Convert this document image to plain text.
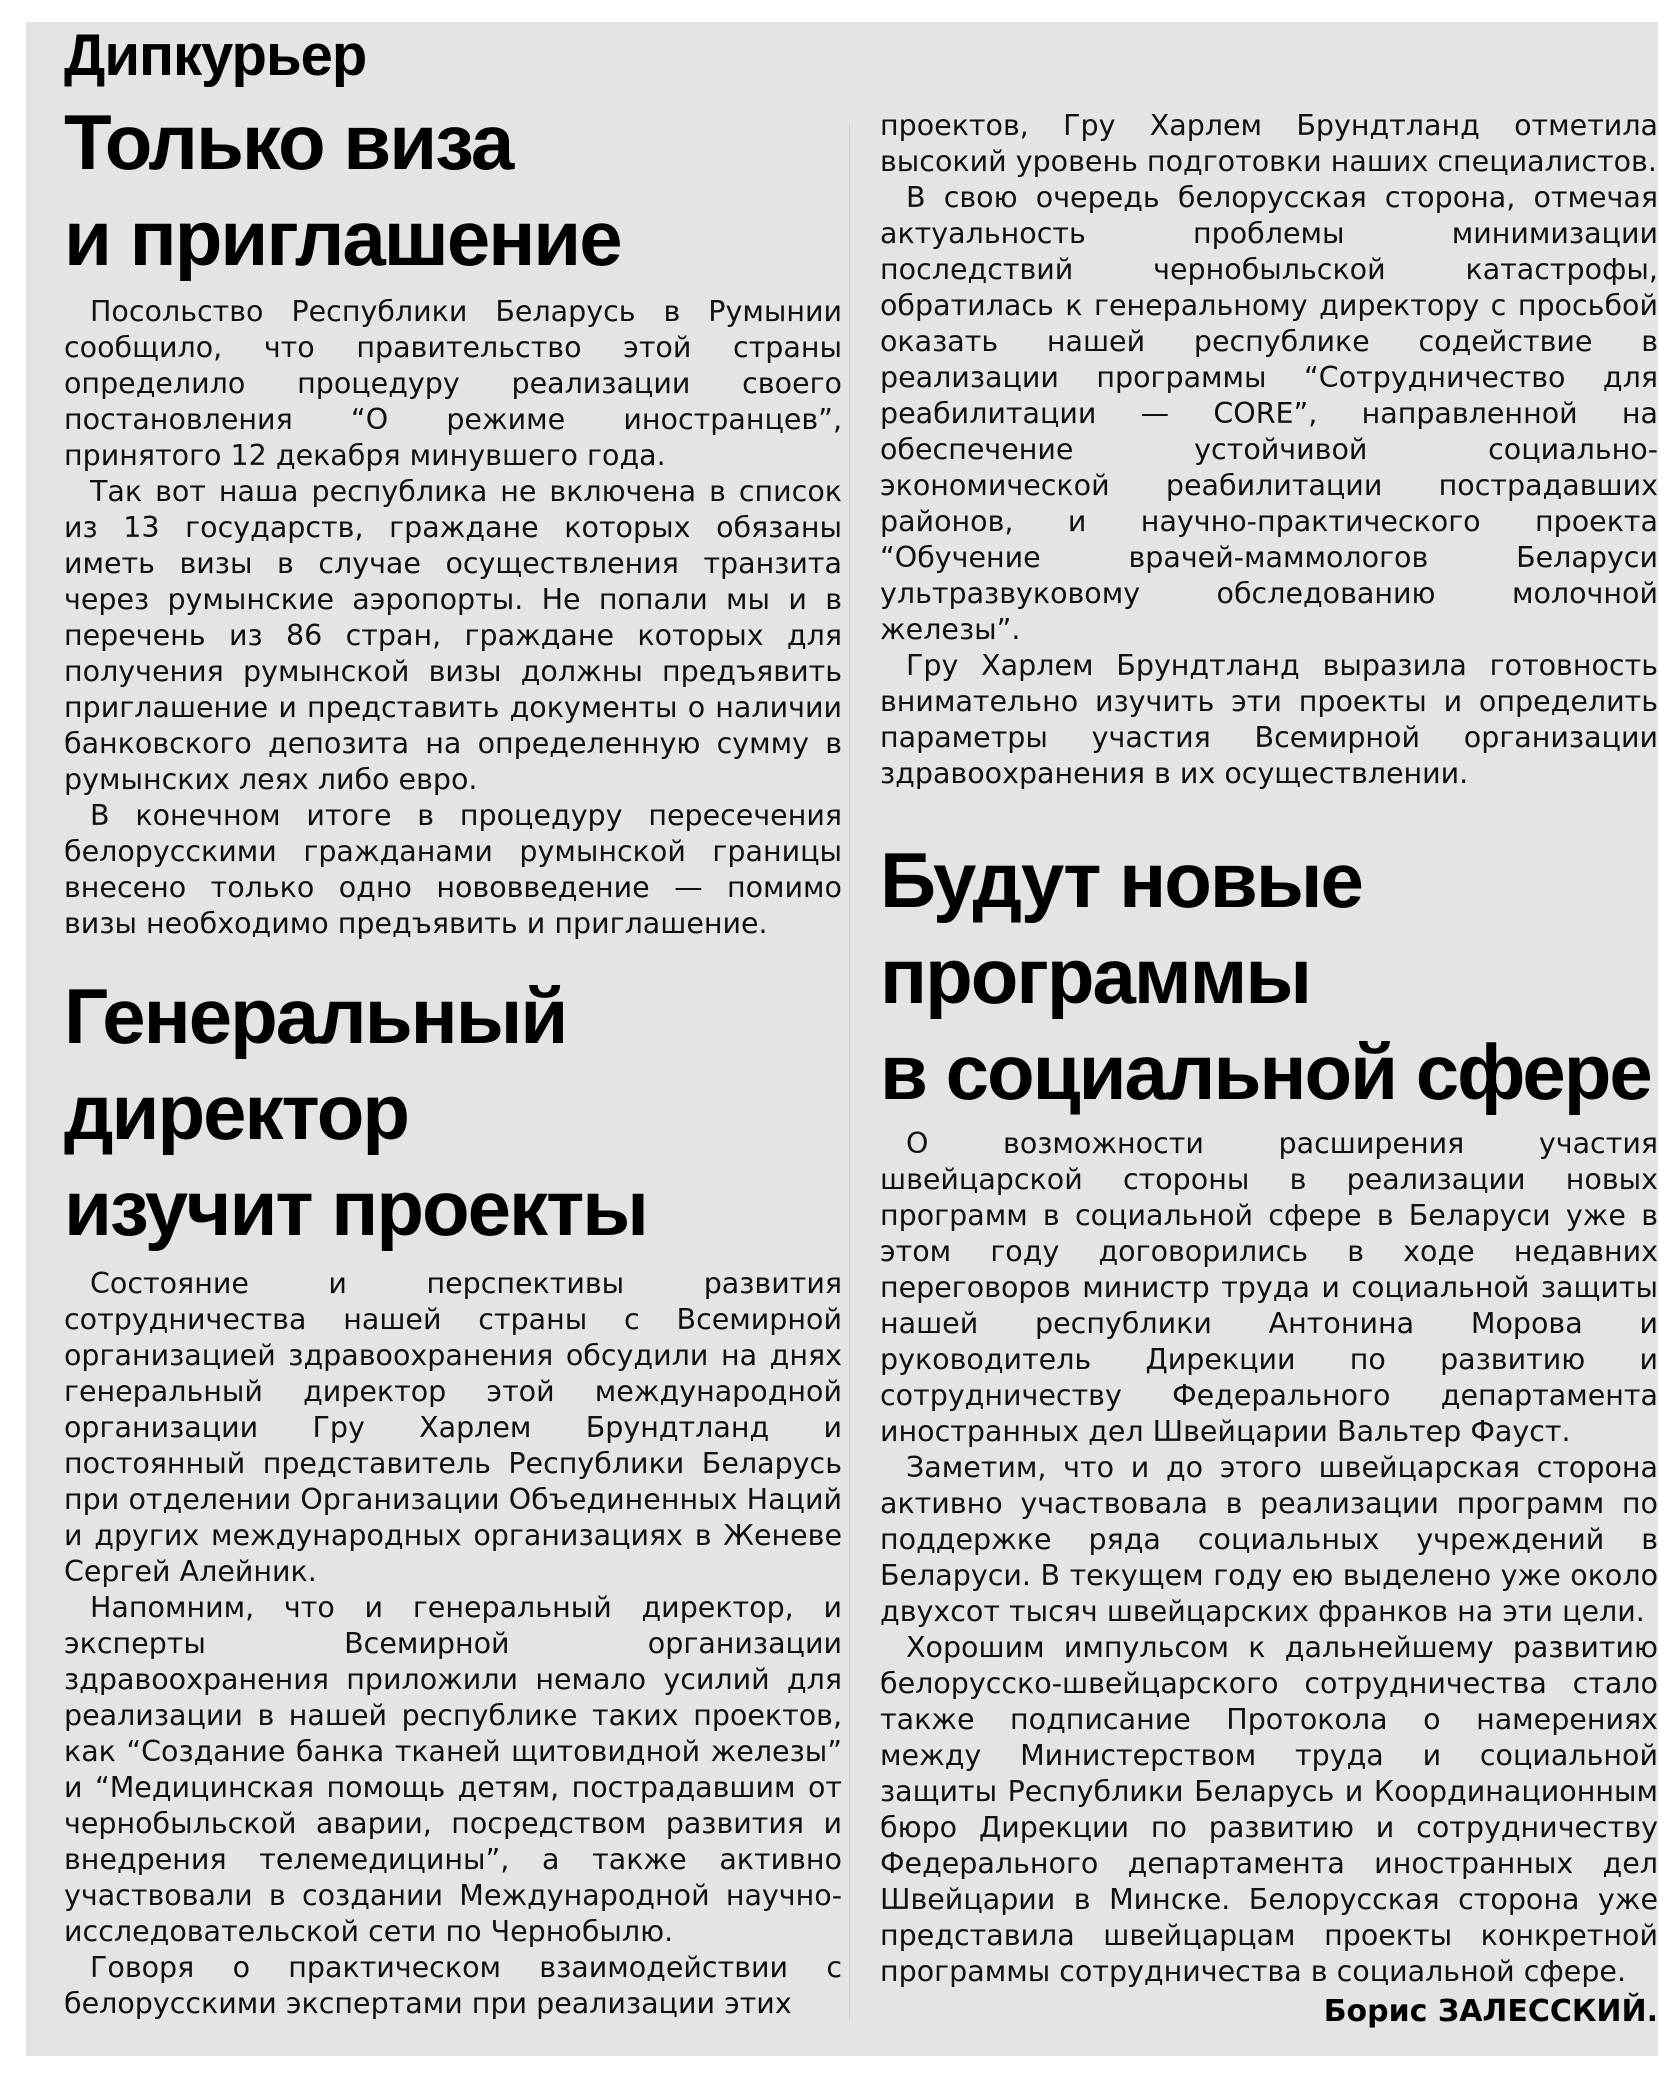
Дипкурьер
Только виза
и приглашение

Посольство Республики Беларусь в Румынии сообщило, что правительство этой страны определило процедуру реализации своего постановления “О режиме иностранцев”, принятого 12 декабря минувшего года.

Так вот наша республика не включена в список из 13 государств, граждане которых обязаны иметь визы в случае осуществления транзита через румынские аэропорты. Не попали мы и в перечень из 86 стран, граждане которых для получения румынской визы должны предъявить приглашение и представить документы о наличии банковского депозита на определенную сумму в румынских леях либо евро.

В конечном итоге в процедуру пересечения белорусскими гражданами румынской границы внесено только одно нововведение — помимо визы необходимо предъявить и приглашение.

Генеральный
директор
изучит проекты

Состояние и перспективы развития сотрудничества нашей страны с Всемирной организацией здравоохранения обсудили на днях генеральный директор этой международной организации Гру Харлем Брундтланд и постоянный представитель Республики Беларусь при отделении Организации Объединенных Наций и других международных организациях в Женеве Сергей Алейник.

Напомним, что и генеральный директор, и эксперты Всемирной организации здравоохранения приложили немало усилий для реализации в нашей республике таких проектов, как “Создание банка тканей щитовидной железы” и “Медицинская помощь детям, пострадавшим от чернобыльской аварии, посредством развития и внедрения телемедицины”, а также активно участвовали в создании Международной научно-исследовательской сети по Чернобылю.

Говоря о практическом взаимодействии с белорусскими экспертами при реализации этих

проектов, Гру Харлем Брундтланд отметила высокий уровень подготовки наших специалистов.

В свою очередь белорусская сторона, отмечая актуальность проблемы минимизации последствий чернобыльской катастрофы, обратилась к генеральному директору с просьбой оказать нашей республике содействие в реализации программы “Сотрудничество для реабилитации — CORE”, направленной на обеспечение устойчивой социально-экономической реабилитации пострадавших районов, и научно-практического проекта “Обучение врачей-маммологов Беларуси ультразвуковому обследованию молочной железы”.

Гру Харлем Брундтланд выразила готовность внимательно изучить эти проекты и определить параметры участия Всемирной организации здравоохранения в их осуществлении.

Будут новые
программы
в социальной сфере

О возможности расширения участия швейцарской стороны в реализации новых программ в социальной сфере в Беларуси уже в этом году договорились в ходе недавних переговоров министр труда и социальной защиты нашей республики Антонина Морова и руководитель Дирекции по развитию и сотрудничеству Федерального департамента иностранных дел Швейцарии Вальтер Фауст.

Заметим, что и до этого швейцарская сторона активно участвовала в реализации программ по поддержке ряда социальных учреждений в Беларуси. В текущем году ею выделено уже около двухсот тысяч швейцарских франков на эти цели.

Хорошим импульсом к дальнейшему развитию белорусско-швейцарского сотрудничества стало также подписание Протокола о намерениях между Министерством труда и социальной защиты Республики Беларусь и Координационным бюро Дирекции по развитию и сотрудничеству Федерального департамента иностранных дел Швейцарии в Минске. Белорусская сторона уже представила швейцарцам проекты конкретной программы сотрудничества в социальной сфере.

Борис ЗАЛЕССКИЙ.
